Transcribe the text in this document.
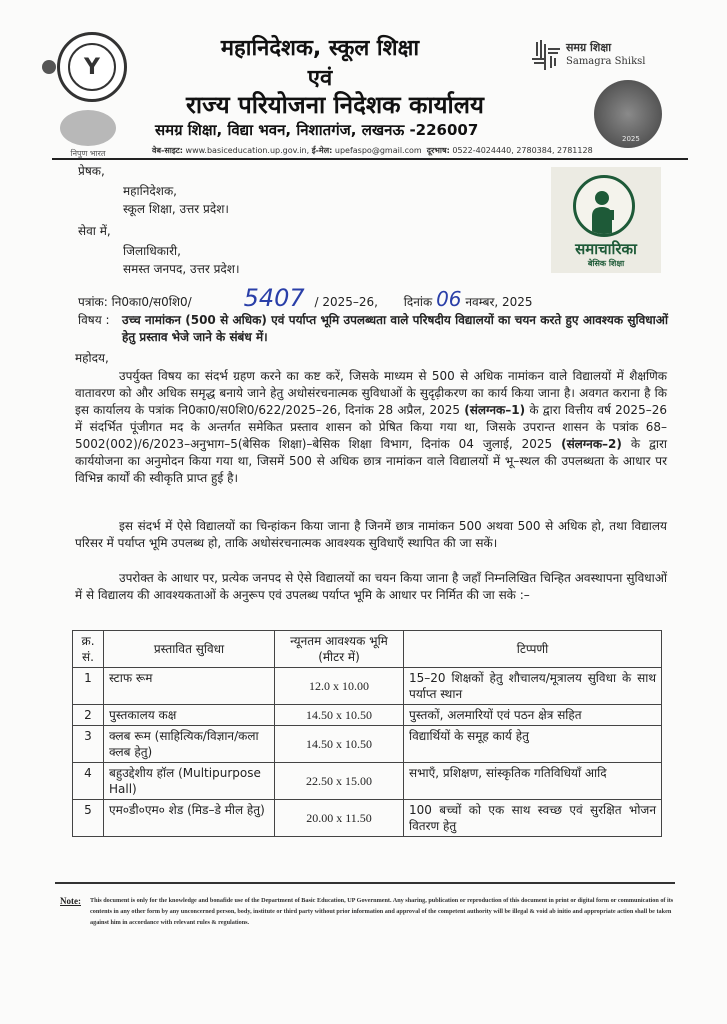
Y
निपुण भारत
महानिदेशक, स्कूल शिक्षा
एवं
राज्य परियोजना निदेशक कार्यालय
समग्र शिक्षा, विद्या भवन, निशातगंज, लखनऊ -226007
वेब-साइट: www.basiceducation.up.gov.in, ई-मेल: upefaspo@gmail.com दूरभाष: 0522-4024440, 2780384, 2781128
समग्र शिक्षा
Samagra Shiksl
2025
प्रेषक,
महानिदेशक,
स्कूल शिक्षा, उत्तर प्रदेश।
सेवा में,
जिलाधिकारी,
समस्त जनपद, उत्तर प्रदेश।
समाचारिका
बेसिक शिक्षा
पत्रांक: नि0का0/स0शि0/ 5407 / 2025–26, दिनांक 06 नवम्बर, 2025
विषय : उच्च नामांकन (500 से अधिक) एवं पर्याप्त भूमि उपलब्धता वाले परिषदीय विद्यालयों का चयन करते हुए आवश्यक सुविधाओं हेतु प्रस्ताव भेजे जाने के संबंध में।
महोदय,
उपर्युक्त विषय का संदर्भ ग्रहण करने का कष्ट करें, जिसके माध्यम से 500 से अधिक नामांकन वाले विद्यालयों में शैक्षणिक वातावरण को और अधिक समृद्ध बनाये जाने हेतु अधोसंरचनात्मक सुविधाओं के सुदृढ़ीकरण का कार्य किया जाना है। अवगत कराना है कि इस कार्यालय के पत्रांक नि0का0/स0शि0/622/2025–26, दिनांक 28 अप्रैल, 2025 (संलग्नक–1) के द्वारा वित्तीय वर्ष 2025–26 में संदर्भित पूंजीगत मद के अन्तर्गत समेकित प्रस्ताव शासन को प्रेषित किया गया था, जिसके उपरान्त शासन के पत्रांक 68–5002(002)/6/2023–अनुभाग–5(बेसिक शिक्षा)–बेसिक शिक्षा विभाग, दिनांक 04 जुलाई, 2025 (संलग्नक–2) के द्वारा कार्ययोजना का अनुमोदन किया गया था, जिसमें 500 से अधिक छात्र नामांकन वाले विद्यालयों में भू–स्थल की उपलब्धता के आधार पर विभिन्न कार्यों की स्वीकृति प्राप्त हुई है।
इस संदर्भ में ऐसे विद्यालयों का चिन्हांकन किया जाना है जिनमें छात्र नामांकन 500 अथवा 500 से अधिक हो, तथा विद्यालय परिसर में पर्याप्त भूमि उपलब्ध हो, ताकि अधोसंरचनात्मक आवश्यक सुविधाएँ स्थापित की जा सकें।
उपरोक्त के आधार पर, प्रत्येक जनपद से ऐसे विद्यालयों का चयन किया जाना है जहाँ निम्नलिखित चिन्हित अवस्थापना सुविधाओं में से विद्यालय की आवश्यकताओं के अनुरूप एवं उपलब्ध पर्याप्त भूमि के आधार पर निर्मित की जा सके :–
क्र. सं.	प्रस्तावित सुविधा	न्यूनतम आवश्यक भूमि (मीटर में)	टिप्पणी
1	स्टाफ रूम	12.0 x 10.00	15–20 शिक्षकों हेतु शौचालय/मूत्रालय सुविधा के साथ पर्याप्त स्थान
2	पुस्तकालय कक्ष	14.50 x 10.50	पुस्तकों, अलमारियों एवं पठन क्षेत्र सहित
3	क्लब रूम (साहित्यिक/विज्ञान/कला क्लब हेतु)	14.50 x 10.50	विद्यार्थियों के समूह कार्य हेतु
4	बहुउद्देशीय हॉल (Multipurpose Hall)	22.50 x 15.00	सभाएँ, प्रशिक्षण, सांस्कृतिक गतिविधियाँ आदि
5	एम०डी०एम० शेड (मिड–डे मील हेतु)	20.00 x 11.50	100 बच्चों को एक साथ स्वच्छ एवं सुरक्षित भोजन वितरण हेतु
Note: This document is only for the knowledge and bonafide use of the Department of Basic Education, UP Government. Any sharing, publication or reproduction of this document in print or digital form or communication of its contents in any other form by any unconcerned person, body, institute or third party without prior information and approval of the competent authority will be illegal & void ab initio and appropriate action shall be taken against him in accordance with relevant rules & regulations.
